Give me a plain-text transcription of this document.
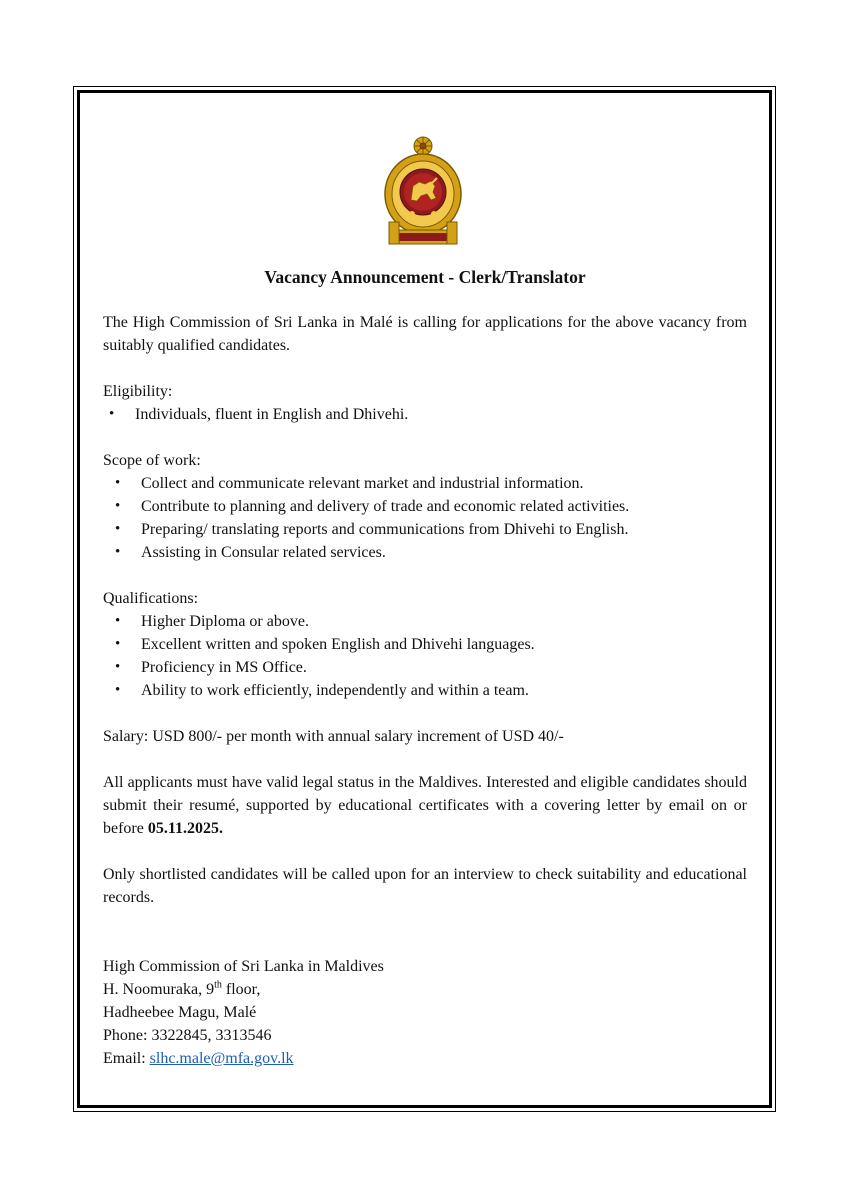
Vacancy Announcement - Clerk/Translator

The High Commission of Sri Lanka in Malé is calling for applications for the above vacancy from suitably qualified candidates.

Eligibility:
• Individuals, fluent in English and Dhivehi.
Scope of work:
• Collect and communicate relevant market and industrial information.
• Contribute to planning and delivery of trade and economic related activities.
• Preparing/ translating reports and communications from Dhivehi to English.
• Assisting in Consular related services.
Qualifications:
• Higher Diploma or above.
• Excellent written and spoken English and Dhivehi languages.
• Proficiency in MS Office.
• Ability to work efficiently, independently and within a team.

Salary: USD 800/- per month with annual salary increment of USD 40/-

All applicants must have valid legal status in the Maldives. Interested and eligible candidates should submit their resumé, supported by educational certificates with a covering letter by email on or before 05.11.2025.

Only shortlisted candidates will be called upon for an interview to check suitability and educational records.

High Commission of Sri Lanka in Maldives

H. Noomuraka, 9th floor,

Hadheebee Magu, Malé

Phone: 3322845, 3313546

Email: slhc.male@mfa.gov.lk
